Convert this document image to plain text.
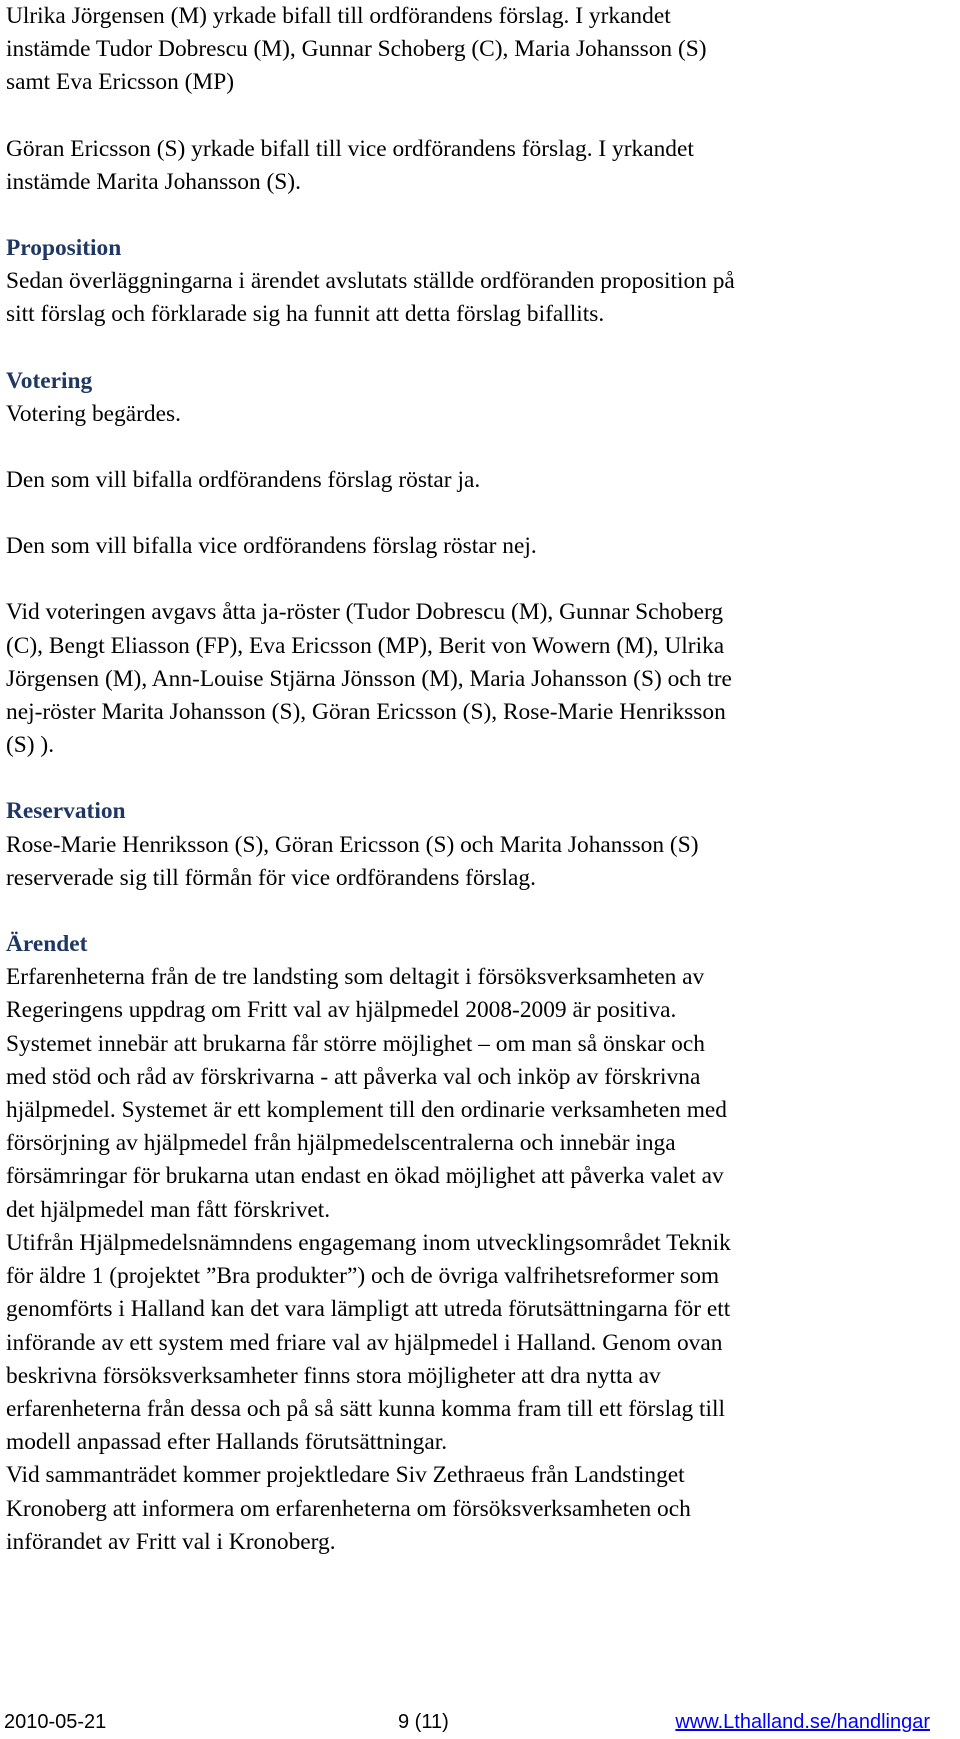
Ulrika Jörgensen (M) yrkade bifall till ordförandens förslag. I yrkandet
instämde Tudor Dobrescu (M), Gunnar Schoberg (C), Maria Johansson (S)
samt Eva Ericsson (MP)

Göran Ericsson (S) yrkade bifall till vice ordförandens förslag. I yrkandet
instämde Marita Johansson (S).

Proposition

Sedan överläggningarna i ärendet avslutats ställde ordföranden proposition på
sitt förslag och förklarade sig ha funnit att detta förslag bifallits.

Votering

Votering begärdes.

Den som vill bifalla ordförandens förslag röstar ja.

Den som vill bifalla vice ordförandens förslag röstar nej.

Vid voteringen avgavs åtta ja-röster (Tudor Dobrescu (M), Gunnar Schoberg
(C), Bengt Eliasson (FP), Eva Ericsson (MP), Berit von Wowern (M), Ulrika
Jörgensen (M), Ann-Louise Stjärna Jönsson (M), Maria Johansson (S) och tre
nej-röster Marita Johansson (S), Göran Ericsson (S), Rose-Marie Henriksson
(S) ).

Reservation

Rose-Marie Henriksson (S), Göran Ericsson (S) och Marita Johansson (S)
reserverade sig till förmån för vice ordförandens förslag.

Ärendet

Erfarenheterna från de tre landsting som deltagit i försöksverksamheten av
Regeringens uppdrag om Fritt val av hjälpmedel 2008-2009 är positiva.
Systemet innebär att brukarna får större möjlighet – om man så önskar och
med stöd och råd av förskrivarna - att påverka val och inköp av förskrivna
hjälpmedel. Systemet är ett komplement till den ordinarie verksamheten med
försörjning av hjälpmedel från hjälpmedelscentralerna och innebär inga
försämringar för brukarna utan endast en ökad möjlighet att påverka valet av
det hjälpmedel man fått förskrivet.
Utifrån Hjälpmedelsnämndens engagemang inom utvecklingsområdet Teknik
för äldre 1 (projektet ”Bra produkter”) och de övriga valfrihetsreformer som
genomförts i Halland kan det vara lämpligt att utreda förutsättningarna för ett
införande av ett system med friare val av hjälpmedel i Halland. Genom ovan
beskrivna försöksverksamheter finns stora möjligheter att dra nytta av
erfarenheterna från dessa och på så sätt kunna komma fram till ett förslag till
modell anpassad efter Hallands förutsättningar.
Vid sammanträdet kommer projektledare Siv Zethraeus från Landstinget
Kronoberg att informera om erfarenheterna om försöksverksamheten och
införandet av Fritt val i Kronoberg.

2010-05-21	9 (11)	www.Lthalland.se/handlingar
